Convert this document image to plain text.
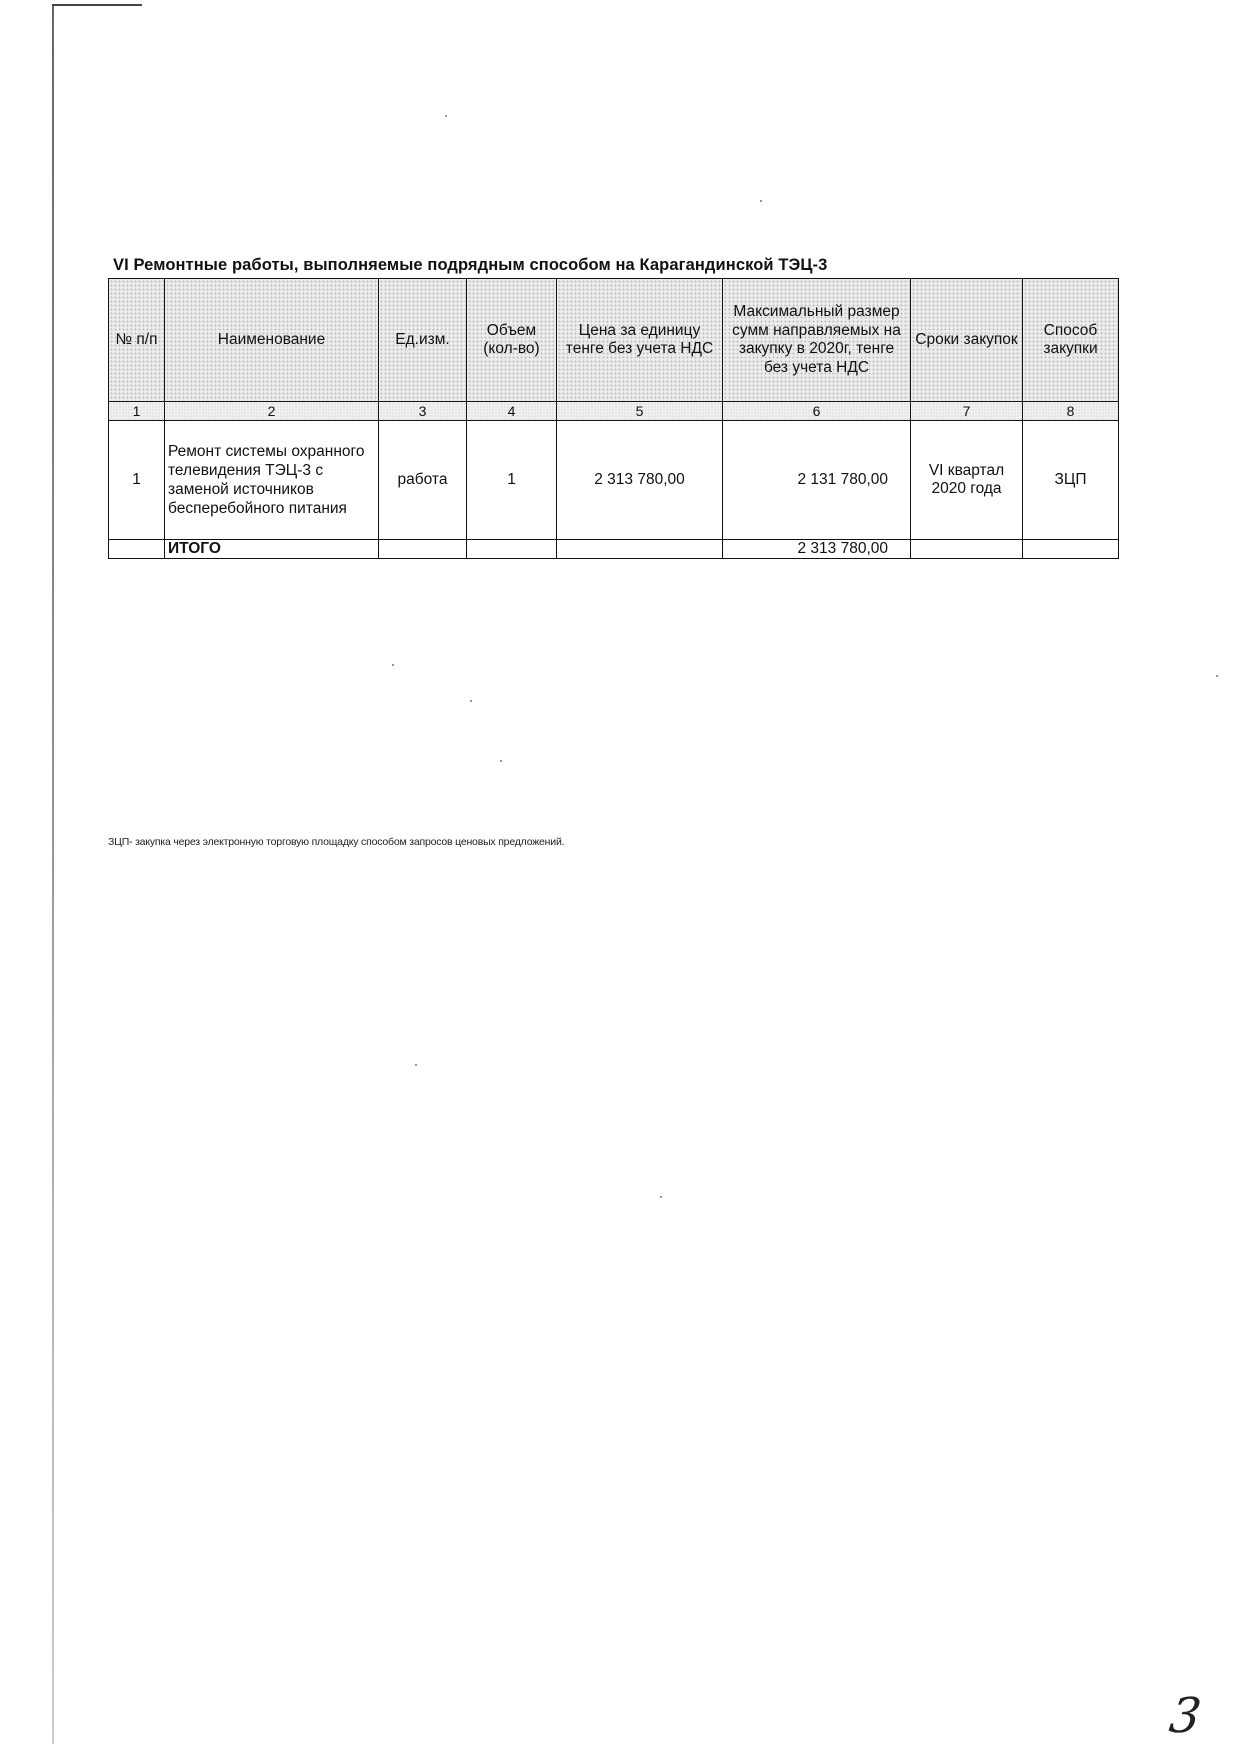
VI Ремонтные работы, выполняемые подрядным способом на Карагандинской ТЭЦ-3
№ п/п	Наименование	Ед.изм.	Объем (кол-во)	Цена за единицу тенге без учета НДС	Максимальный размер сумм направляемых на закупку в 2020г, тенге без учета НДС	Сроки закупок	Способ закупки
1	2	3	4	5	6	7	8
1	Ремонт системы охранного телевидения ТЭЦ-3 с заменой источников бесперебойного питания	работа	1	2 313 780,00	2 131 780,00	VI квартал 2020 года	ЗЦП
	ИТОГО				2 313 780,00		
ЗЦП- закупка через электронную торговую площадку способом запросов ценовых предложений.
3
